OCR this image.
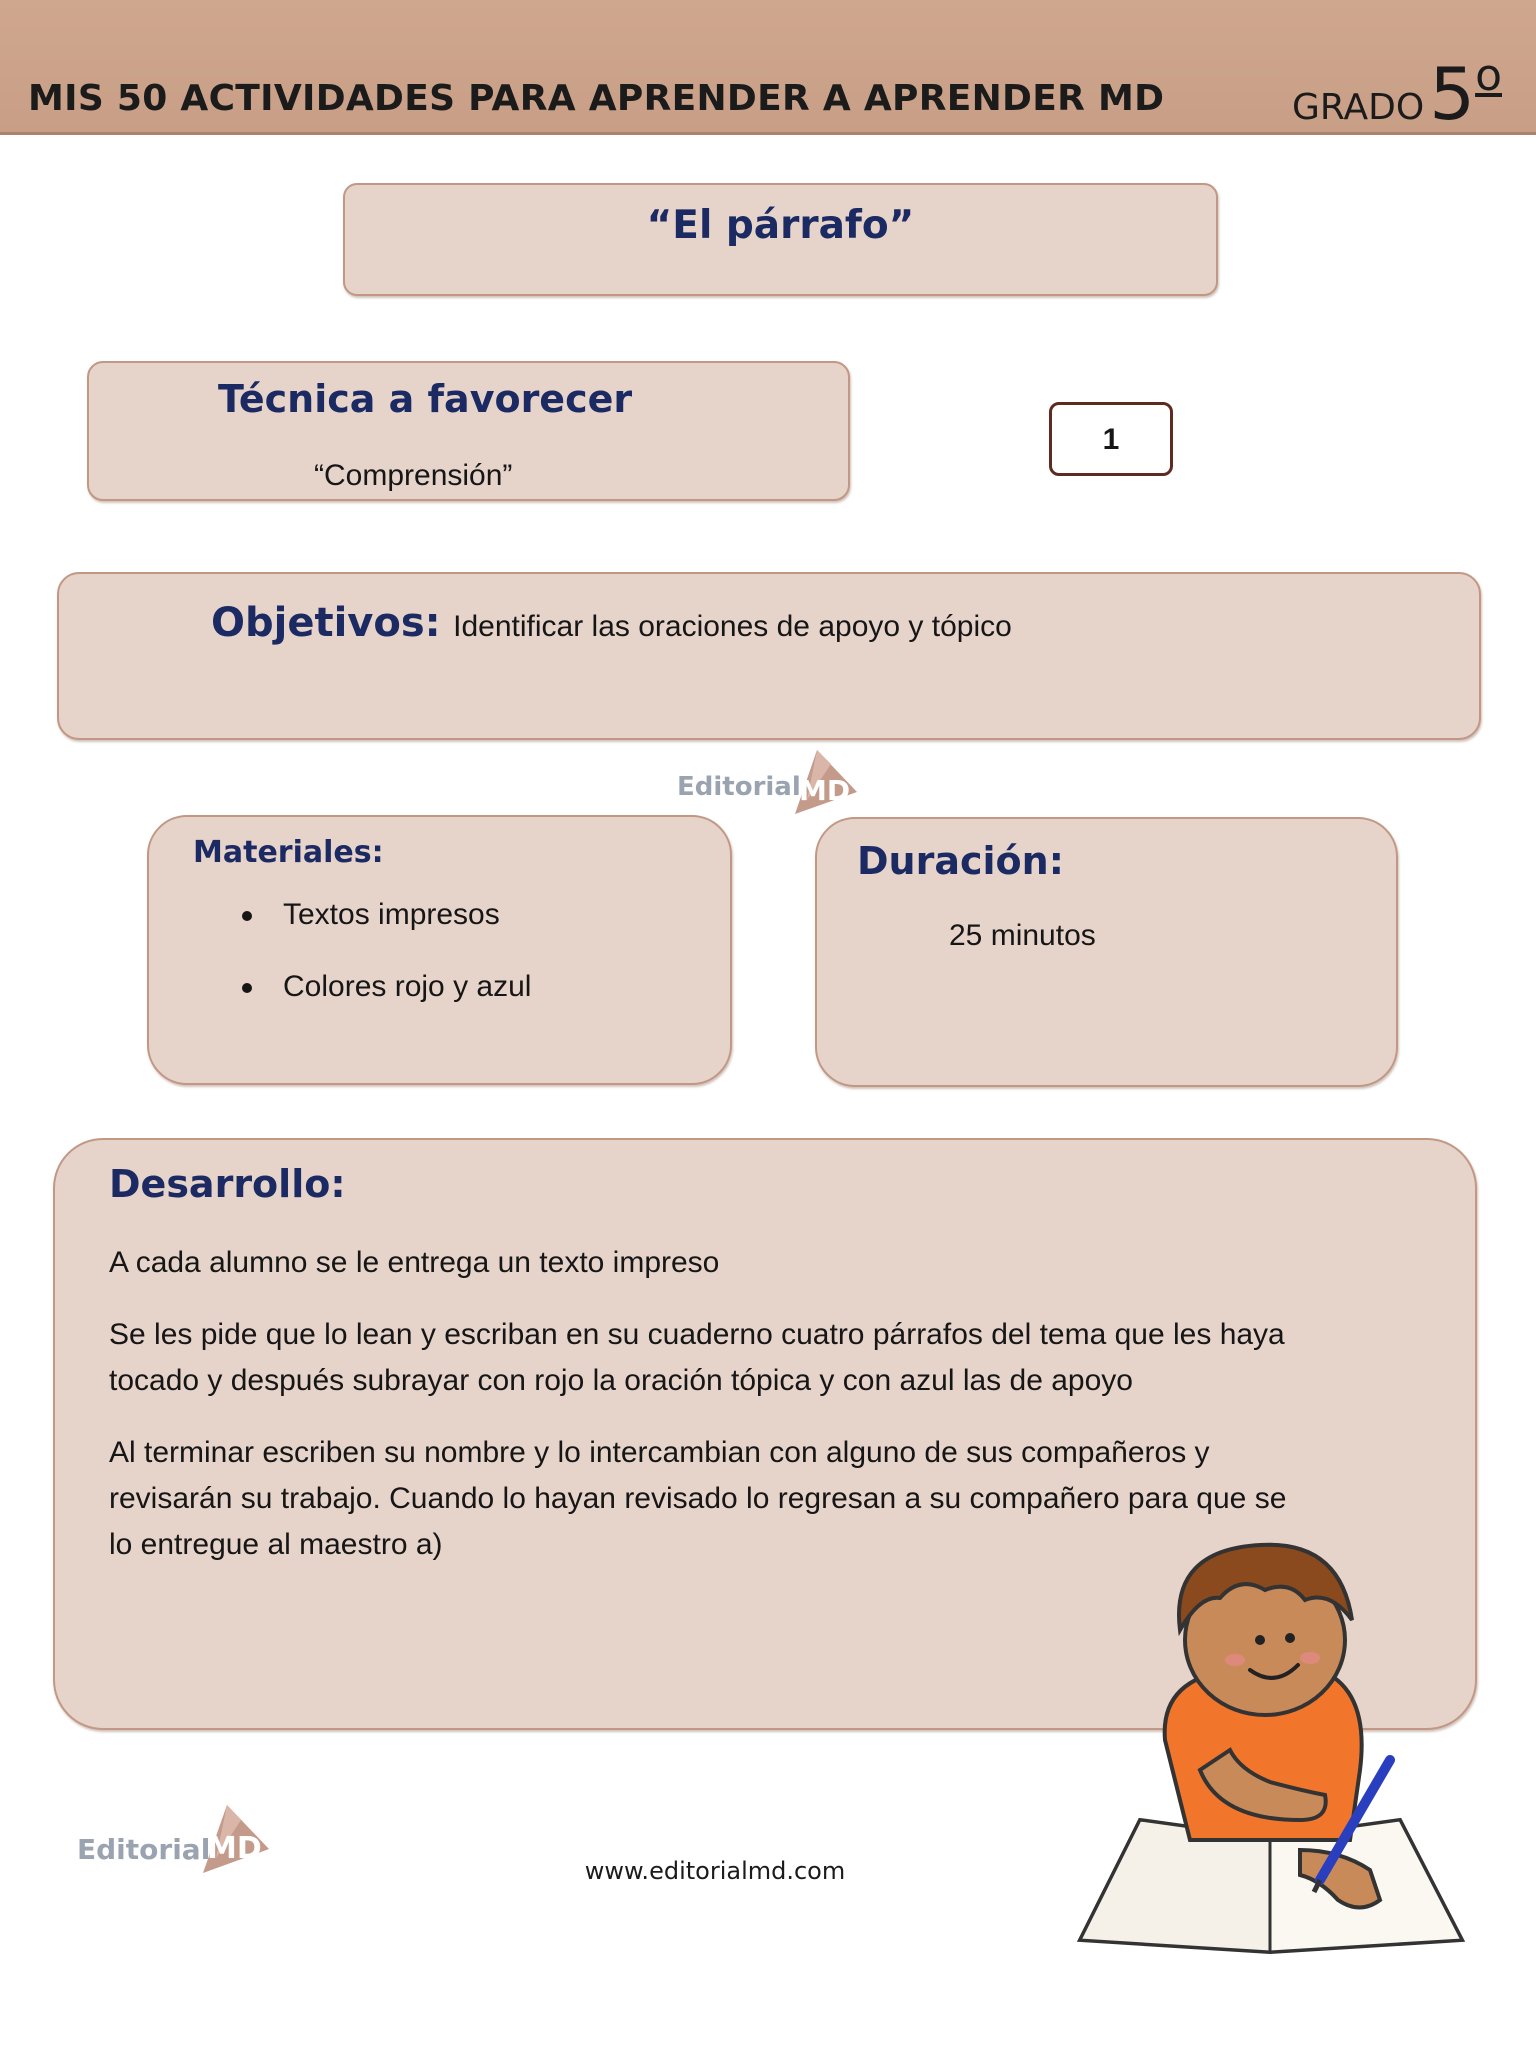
MIS 50 ACTIVIDADES PARA APRENDER A APRENDER MD	GRADO 5o
“El párrafo”
Técnica a favorecer
“Comprensión”
1
Objetivos: Identificar las oraciones de apoyo y tópico
Editorial
MD
Materiales:
Textos impresos
Colores rojo y azul
Duración:
25 minutos
Desarrollo:

A cada alumno se le entrega un texto impreso

Se les pide que lo lean y escriban en su cuaderno cuatro párrafos del tema que les haya tocado y después subrayar con rojo la oración tópica y con azul las de apoyo

Al terminar escriben su nombre y lo intercambian con alguno de sus compañeros y revisarán su trabajo. Cuando lo hayan revisado lo regresan a su compañero para que se lo entregue al maestro a)

Editorial
MD
www.editorialmd.com
